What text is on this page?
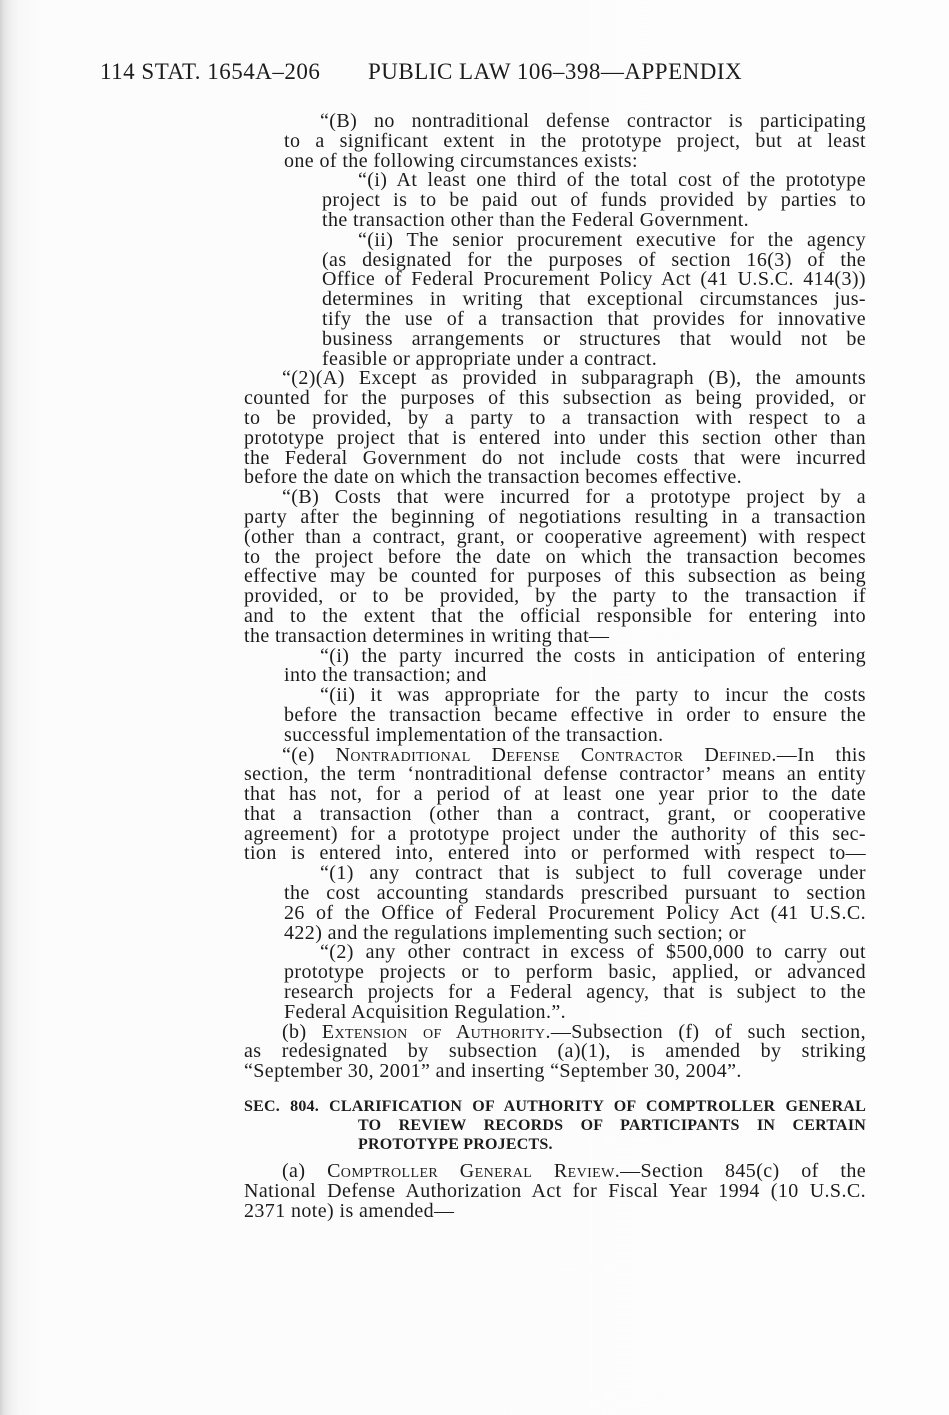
114 STAT. 1654A–206 PUBLIC LAW 106–398—APPENDIX
“(B) no nontraditional defense contractor is participating
to a significant extent in the prototype project, but at least
one of the following circumstances exists:
“(i) At least one third of the total cost of the prototype
project is to be paid out of funds provided by parties to
the transaction other than the Federal Government.
“(ii) The senior procurement executive for the agency
(as designated for the purposes of section 16(3) of the
Office of Federal Procurement Policy Act (41 U.S.C. 414(3))
determines in writing that exceptional circumstances jus-
tify the use of a transaction that provides for innovative
business arrangements or structures that would not be
feasible or appropriate under a contract.
“(2)(A) Except as provided in subparagraph (B), the amounts
counted for the purposes of this subsection as being provided, or
to be provided, by a party to a transaction with respect to a
prototype project that is entered into under this section other than
the Federal Government do not include costs that were incurred
before the date on which the transaction becomes effective.
“(B) Costs that were incurred for a prototype project by a
party after the beginning of negotiations resulting in a transaction
(other than a contract, grant, or cooperative agreement) with respect
to the project before the date on which the transaction becomes
effective may be counted for purposes of this subsection as being
provided, or to be provided, by the party to the transaction if
and to the extent that the official responsible for entering into
the transaction determines in writing that—
“(i) the party incurred the costs in anticipation of entering
into the transaction; and
“(ii) it was appropriate for the party to incur the costs
before the transaction became effective in order to ensure the
successful implementation of the transaction.
“(e) Nontraditional Defense Contractor Defined.—In this
section, the term ‘nontraditional defense contractor’ means an entity
that has not, for a period of at least one year prior to the date
that a transaction (other than a contract, grant, or cooperative
agreement) for a prototype project under the authority of this sec-
tion is entered into, entered into or performed with respect to—
“(1) any contract that is subject to full coverage under
the cost accounting standards prescribed pursuant to section
26 of the Office of Federal Procurement Policy Act (41 U.S.C.
422) and the regulations implementing such section; or
“(2) any other contract in excess of $500,000 to carry out
prototype projects or to perform basic, applied, or advanced
research projects for a Federal agency, that is subject to the
Federal Acquisition Regulation.”.
(b) Extension of Authority.—Subsection (f) of such section,
as redesignated by subsection (a)(1), is amended by striking
“September 30, 2001” and inserting “September 30, 2004”.
SEC. 804. CLARIFICATION OF AUTHORITY OF COMPTROLLER GENERAL
TO REVIEW RECORDS OF PARTICIPANTS IN CERTAIN
PROTOTYPE PROJECTS.
(a) Comptroller General Review.—Section 845(c) of the
National Defense Authorization Act for Fiscal Year 1994 (10 U.S.C.
2371 note) is amended—
